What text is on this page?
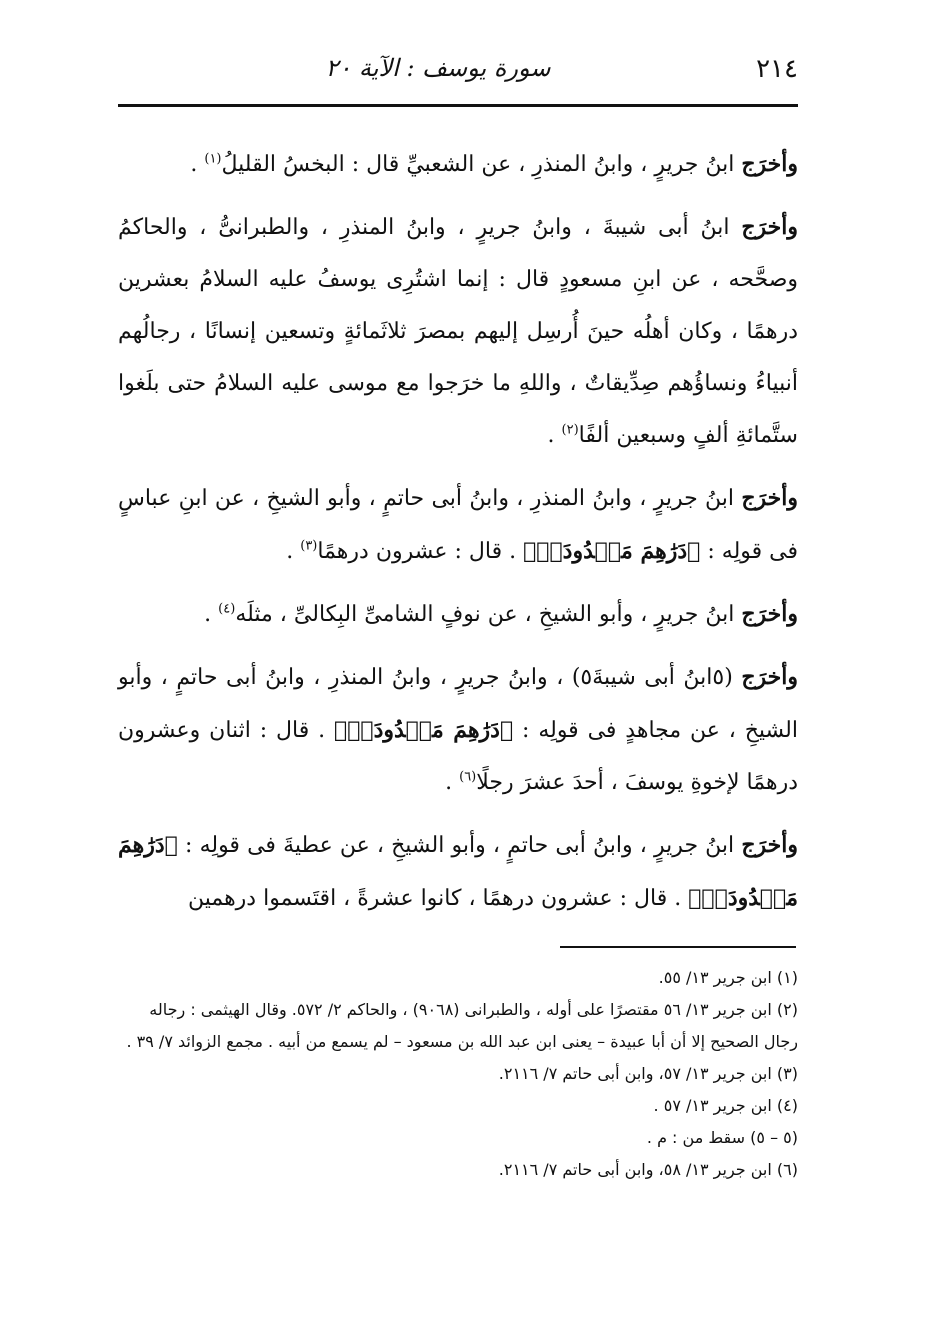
٢١٤
سورة يوسف : الآية ٢٠

وأخرَج ابنُ جريرٍ ، وابنُ المنذرِ ، عن الشعبيِّ قال : البخسُ القليلُ$^{(١)}$ .

وأخرَج ابنُ أبى شيبةَ ، وابنُ جريرٍ ، وابنُ المنذرِ ، والطبرانىُّ ، والحاكمُ وصحَّحه ، عن ابنِ مسعودٍ قال : إنما اشتُرِى يوسفُ عليه السلامُ بعشرين درهمًا ، وكان أهلُه حينَ أُرسِل إليهم بمصرَ ثلاثَمائةٍ وتسعين إنسانًا ، رجالُهم أنبياءُ ونساؤُهم صِدِّيقاتٌ ، واللهِ ما خرَجوا مع موسى عليه السلامُ حتى بلَغوا ستَّمائةِ ألفٍ وسبعين ألفًا$^{(٢)}$ .

وأخرَج ابنُ جريرٍ ، وابنُ المنذرِ ، وابنُ أبى حاتمٍ ، وأبو الشيخِ ، عن ابنِ عباسٍ فى قولِه : ﴿دَرَٰهِمَ مَعۡدُودَةٖ﴾ . قال : عشرون درهمًا$^{(٣)}$ .

وأخرَج ابنُ جريرٍ ، وأبو الشيخِ ، عن نوفٍ الشامىِّ البِكالىِّ ، مثلَه$^{(٤)}$ .

وأخرَج (٥ابنُ أبى شيبةَ٥) ، وابنُ جريرٍ ، وابنُ المنذرِ ، وابنُ أبى حاتمٍ ، وأبو الشيخِ ، عن مجاهدٍ فى قولِه : ﴿دَرَٰهِمَ مَعۡدُودَةٖ﴾ . قال : اثنان وعشرون درهمًا لإخوةِ يوسفَ ، أحدَ عشرَ رجلًا$^{(٦)}$ .

وأخرَج ابنُ جريرٍ ، وابنُ أبى حاتمٍ ، وأبو الشيخِ ، عن عطيةَ فى قولِه : ﴿دَرَٰهِمَ مَعۡدُودَةٖ﴾ . قال : عشرون درهمًا ، كانوا عشرةً ، اقتَسموا درهمين

(١) ابن جرير ١٣/ ٥٥.

(٢) ابن جرير ١٣/ ٥٦ مقتصرًا على أوله ، والطبرانى (٩٠٦٨) ، والحاكم ٢/ ٥٧٢. وقال الهيثمى : رجاله رجال الصحيح إلا أن أبا عبيدة – يعنى ابن عبد الله بن مسعود – لم يسمع من أبيه . مجمع الزوائد ٧/ ٣٩ .

(٣) ابن جرير ١٣/ ٥٧، وابن أبى حاتم ٧/ ٢١١٦.

(٤) ابن جرير ١٣/ ٥٧ .

(٥ – ٥) سقط من : م .

(٦) ابن جرير ١٣/ ٥٨، وابن أبى حاتم ٧/ ٢١١٦.
